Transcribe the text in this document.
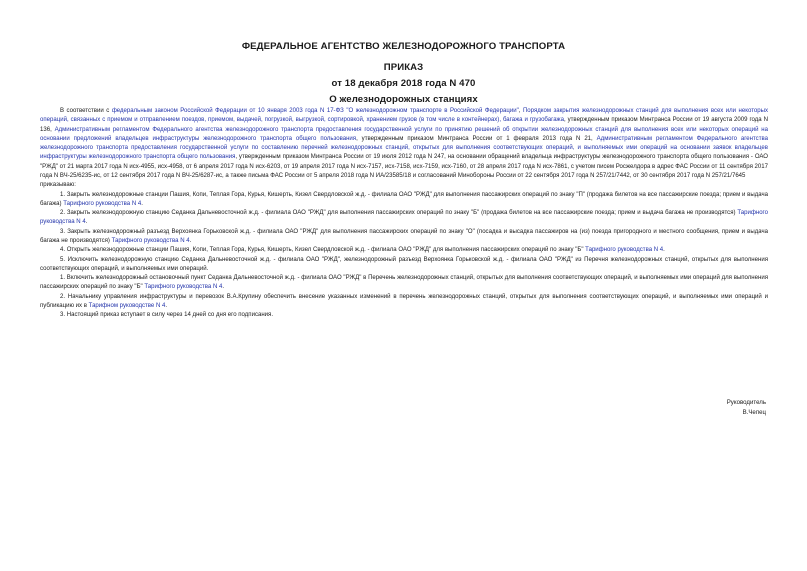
ФЕДЕРАЛЬНОЕ АГЕНТСТВО ЖЕЛЕЗНОДОРОЖНОГО ТРАНСПОРТА
ПРИКАЗ
от 18 декабря 2018 года N 470
О железнодорожных станциях

В соответствии с федеральным законом Российской Федерации от 10 января 2003 года N 17-ФЗ "О железнодорожном транспорте в Российской Федерации", Порядком закрытия железнодорожных станций для выполнения всех или некоторых операций, связанных с приемом и отправлением поездов, приемом, выдачей, погрузкой, выгрузкой, сортировкой, хранением грузов (в том числе в контейнерах), багажа и грузобагажа, утвержденным приказом Минтранса России от 19 августа 2009 года N 136, Административным регламентом Федерального агентства железнодорожного транспорта предоставления государственной услуги по принятию решений об открытии железнодорожных станций для выполнения всех или некоторых операций на основании предложений владельцев инфраструктуры железнодорожного транспорта общего пользования, утвержденным приказом Минтранса России от 1 февраля 2013 года N 21, Административным регламентом Федерального агентства железнодорожного транспорта предоставления государственной услуги по составлению перечней железнодорожных станций, открытых для выполнения соответствующих операций, и выполняемых ими операций на основании заявок владельцев инфраструктуры железнодорожного транспорта общего пользования, утвержденным приказом Минтранса России от 19 июля 2012 года N 247, на основании обращений владельца инфраструктуры железнодорожного транспорта общего пользования - ОАО "РЖД" от 21 марта 2017 года N исх-4955, исх-4958, от 6 апреля 2017 года N исх-6203, от 19 апреля 2017 года N исх-7157, исх-7158, исх-7159, исх-7160, от 28 апреля 2017 года N исх-7861, с учетом писем Росжелдора в адрес ФАС России от 11 сентября 2017 года N ВЧ-25/6235-ис, от 12 сентября 2017 года N ВЧ-25/6287-ис, а также письма ФАС России от 5 апреля 2018 года N ИА/23585/18 и согласований Минобороны России от 22 сентября 2017 года N 257/21/7442, от 30 сентября 2017 года N 257/21/7645

приказываю:

1. Закрыть железнодорожные станции Пашия, Копи, Теплая Гора, Курья, Кишерть, Кизел Свердловской ж.д. - филиала ОАО "РЖД" для выполнения пассажирских операций по знаку "П" (продажа билетов на все пассажирские поезда; прием и выдача багажа) Тарифного руководства N 4.

2. Закрыть железнодорожную станцию Седанка Дальневосточной ж.д. - филиала ОАО "РЖД" для выполнения пассажирских операций по знаку "Б" (продажа билетов на все пассажирские поезда; прием и выдача багажа не производятся) Тарифного руководства N 4.

3. Закрыть железнодорожный разъезд Верхоянка Горьковской ж.д. - филиала ОАО "РЖД" для выполнения пассажирских операций по знаку "О" (посадка и высадка пассажиров на (из) поезда пригородного и местного сообщения, прием и выдача багажа не производятся) Тарифного руководства N 4.

4. Открыть железнодорожные станции Пашия, Копи, Теплая Гора, Курья, Кишерть, Кизел Свердловской ж.д. - филиала ОАО "РЖД" для выполнения пассажирских операций по знаку "Б" Тарифного руководства N 4.

5. Исключить железнодорожную станцию Седанка Дальневосточной ж.д. - филиала ОАО "РЖД", железнодорожный разъезд Верхоянка Горьковской ж.д. - филиала ОАО "РЖД" из Перечня железнодорожных станций, открытых для выполнения соответствующих операций, и выполняемых ими операций.

1. Включить железнодорожный остановочный пункт Седанка Дальневосточной ж.д. - филиала ОАО "РЖД" в Перечень железнодорожных станций, открытых для выполнения соответствующих операций, и выполняемых ими операций для выполнения пассажирских операций по знаку "Б" Тарифного руководства N 4.

2. Начальнику управления инфраструктуры и перевозок В.А.Крупину обеспечить внесение указанных изменений в перечень железнодорожных станций, открытых для выполнения соответствующих операций, и выполняемых ими операций и публикацию их в Тарифном руководстве N 4.

3. Настоящий приказ вступает в силу через 14 дней со дня его подписания.

Руководитель
В.Чепец
